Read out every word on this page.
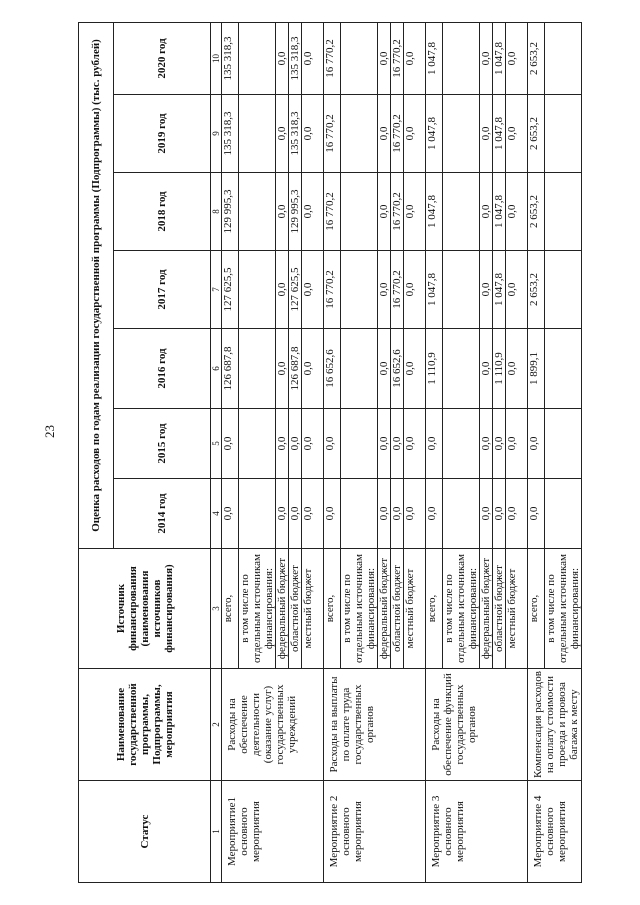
23
Статус	Наименование государственной программы, Подпрограммы, мероприятия	Источник финансирования (наименования источников финансирования)	Оценка расходов по годам реализации государственной программы (Подпрограммы) (тыс. рублей)						
			2014 год	2015 год	2016 год	2017 год	2018 год	2019 год	2020 год
1	2	3	4	5	6	7	8	9	10
Мероприятие1 основного мероприятия	Расходы на обеспечение деятельности (оказание услуг) государственных учреждений	всего,	0,0	0,0	126 687,8	127 625,5	129 995,3	135 318,3	135 318,3
		в том числе по отдельным источникам финансирования:							
		федеральный бюджет	0,0	0,0	0,0	0,0	0,0	0,0	0,0
		областной бюджет	0,0	0,0	126 687,8	127 625,5	129 995,3	135 318,3	135 318,3
		местный бюджет	0,0	0,0	0,0	0,0	0,0	0,0	0,0
Мероприятие 2 основного мероприятия	Расходы на выплаты по оплате труда государственных органов	всего,	0,0	0,0	16 652,6	16 770,2	16 770,2	16 770,2	16 770,2
		в том числе по отдельным источникам финансирования:							
		федеральный бюджет	0,0	0,0	0,0	0,0	0,0	0,0	0,0
		областной бюджет	0,0	0,0	16 652,6	16 770,2	16 770,2	16 770,2	16 770,2
		местный бюджет	0,0	0,0	0,0	0,0	0,0	0,0	0,0
Мероприятие 3 основного мероприятия	Расходы на обеспечение функций государственных органов	всего,	0,0	0,0	1 110,9	1 047,8	1 047,8	1 047,8	1 047,8
		в том числе по отдельным источникам финансирования:							
		федеральный бюджет	0,0	0,0	0,0	0,0	0,0	0,0	0,0
		областной бюджет	0,0	0,0	1 110,9	1 047,8	1 047,8	1 047,8	1 047,8
		местный бюджет	0,0	0,0	0,0	0,0	0,0	0,0	0,0
Мероприятие 4 основного мероприятия	Компенсация расходов на оплату стоимости проезда и провоза багажа к месту	всего,	0,0	0,0	1 899,1	2 653,2	2 653,2	2 653,2	2 653,2
		в том числе по отдельным источникам финансирования:							
